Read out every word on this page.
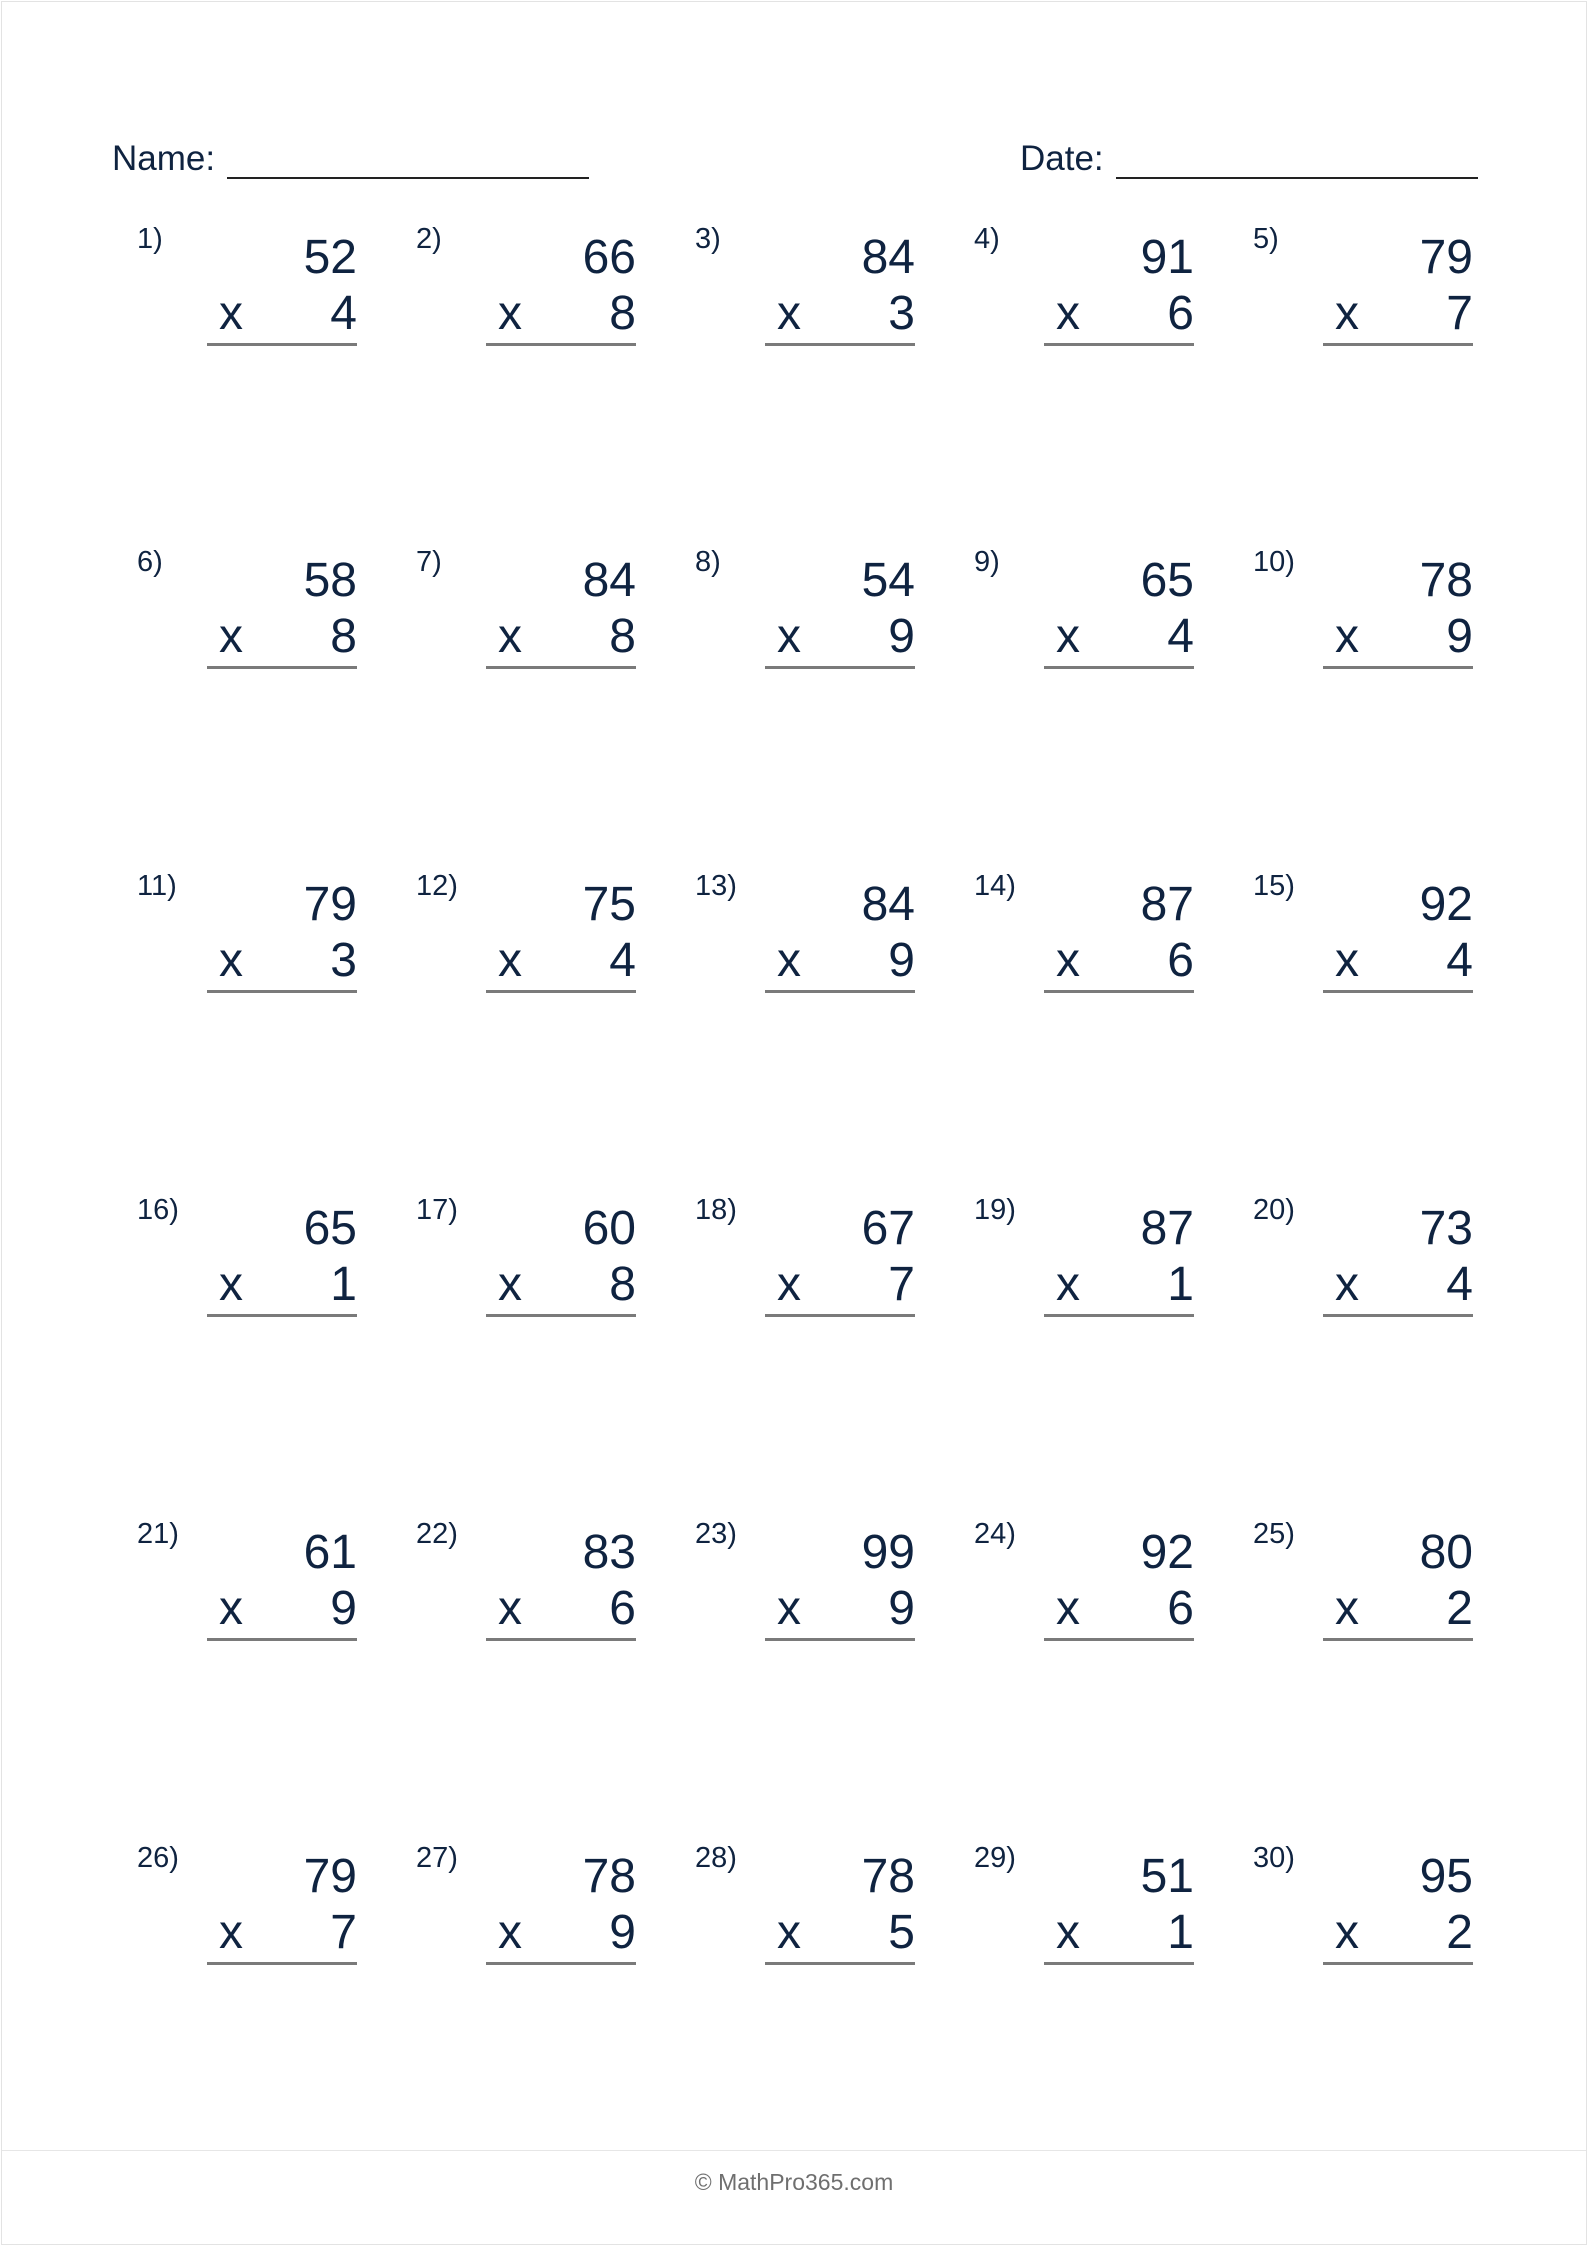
Name:	Date:
1)	52
x 4
2)	66
x 8
3)	84
x 3
4)	91
x 6
5)	79
x 7
6)	58
x 8
7)	84
x 8
8)	54
x 9
9)	65
x 4
10)	78
x 9
11)	79
x 3
12)	75
x 4
13)	84
x 9
14)	87
x 6
15)	92
x 4
16)	65
x 1
17)	60
x 8
18)	67
x 7
19)	87
x 1
20)	73
x 4
21)	61
x 9
22)	83
x 6
23)	99
x 9
24)	92
x 6
25)	80
x 2
26)	79
x 7
27)	78
x 9
28)	78
x 5
29)	51
x 1
30)	95
x 2
© MathPro365.com
